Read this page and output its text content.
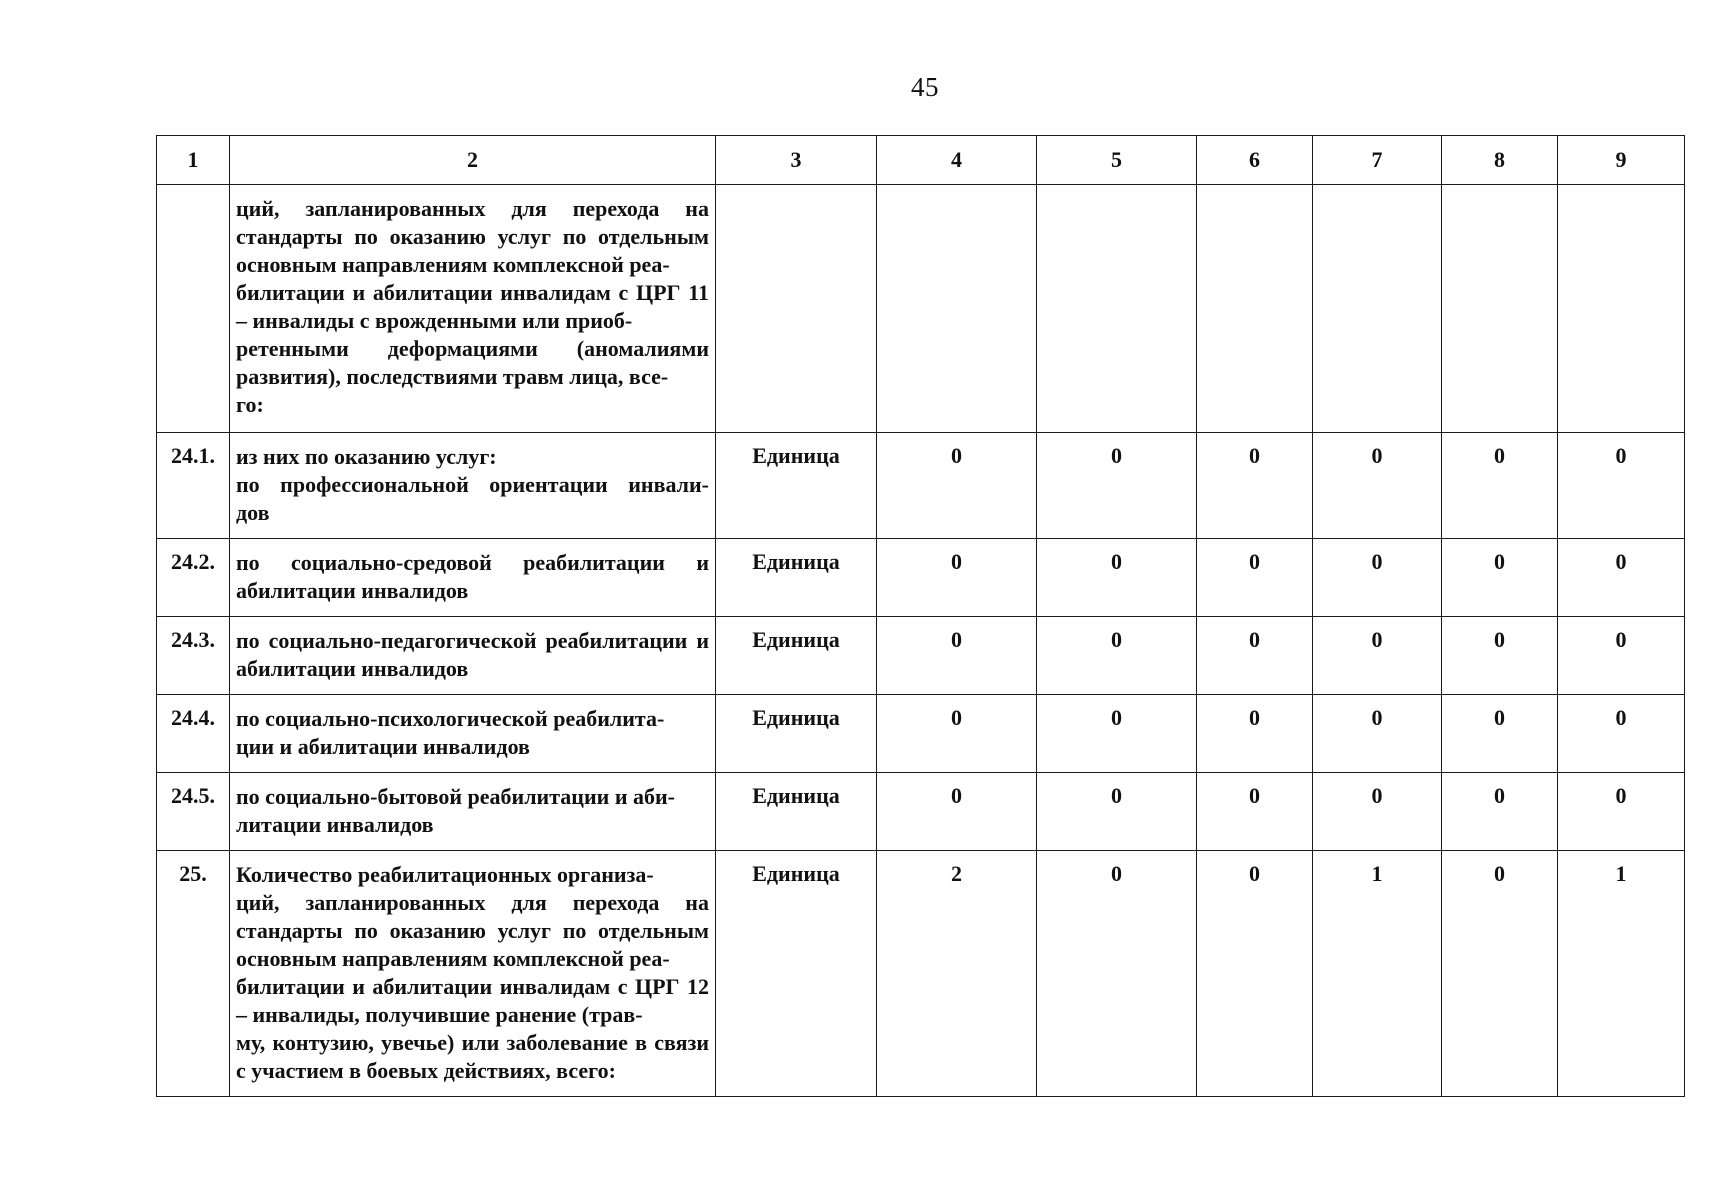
45
1	2	3	4	5	6	7	8	9
	ций, запланированных для перехода на стандарты по оказанию услуг по отдельным основным направлениям комплексной реа-
билитации и абилитации инвалидам с ЦРГ 11 – инвалиды с врожденными или приоб-
ретенными деформациями (аномалиями развития), последствиями травм лица, все-
го:							
24.1.	из них по оказанию услуг:

по профессиональной ориентации инвали-
дов	Единица	0	0	0	0	0	0
24.2.	по социально-средовой реабилитации и абилитации инвалидов	Единица	0	0	0	0	0	0
24.3.	по социально-педагогической реабилитации и абилитации инвалидов	Единица	0	0	0	0	0	0
24.4.	по социально-психологической реабилита-
ции и абилитации инвалидов	Единица	0	0	0	0	0	0
24.5.	по социально-бытовой реабилитации и аби-
литации инвалидов	Единица	0	0	0	0	0	0
25.	Количество реабилитационных организа-
ций, запланированных для перехода на стандарты по оказанию услуг по отдельным основным направлениям комплексной реа-
билитации и абилитации инвалидам с ЦРГ 12 – инвалиды, получившие ранение (трав-
му, контузию, увечье) или заболевание в связи с участием в боевых действиях, всего:	Единица	2	0	0	1	0	1
